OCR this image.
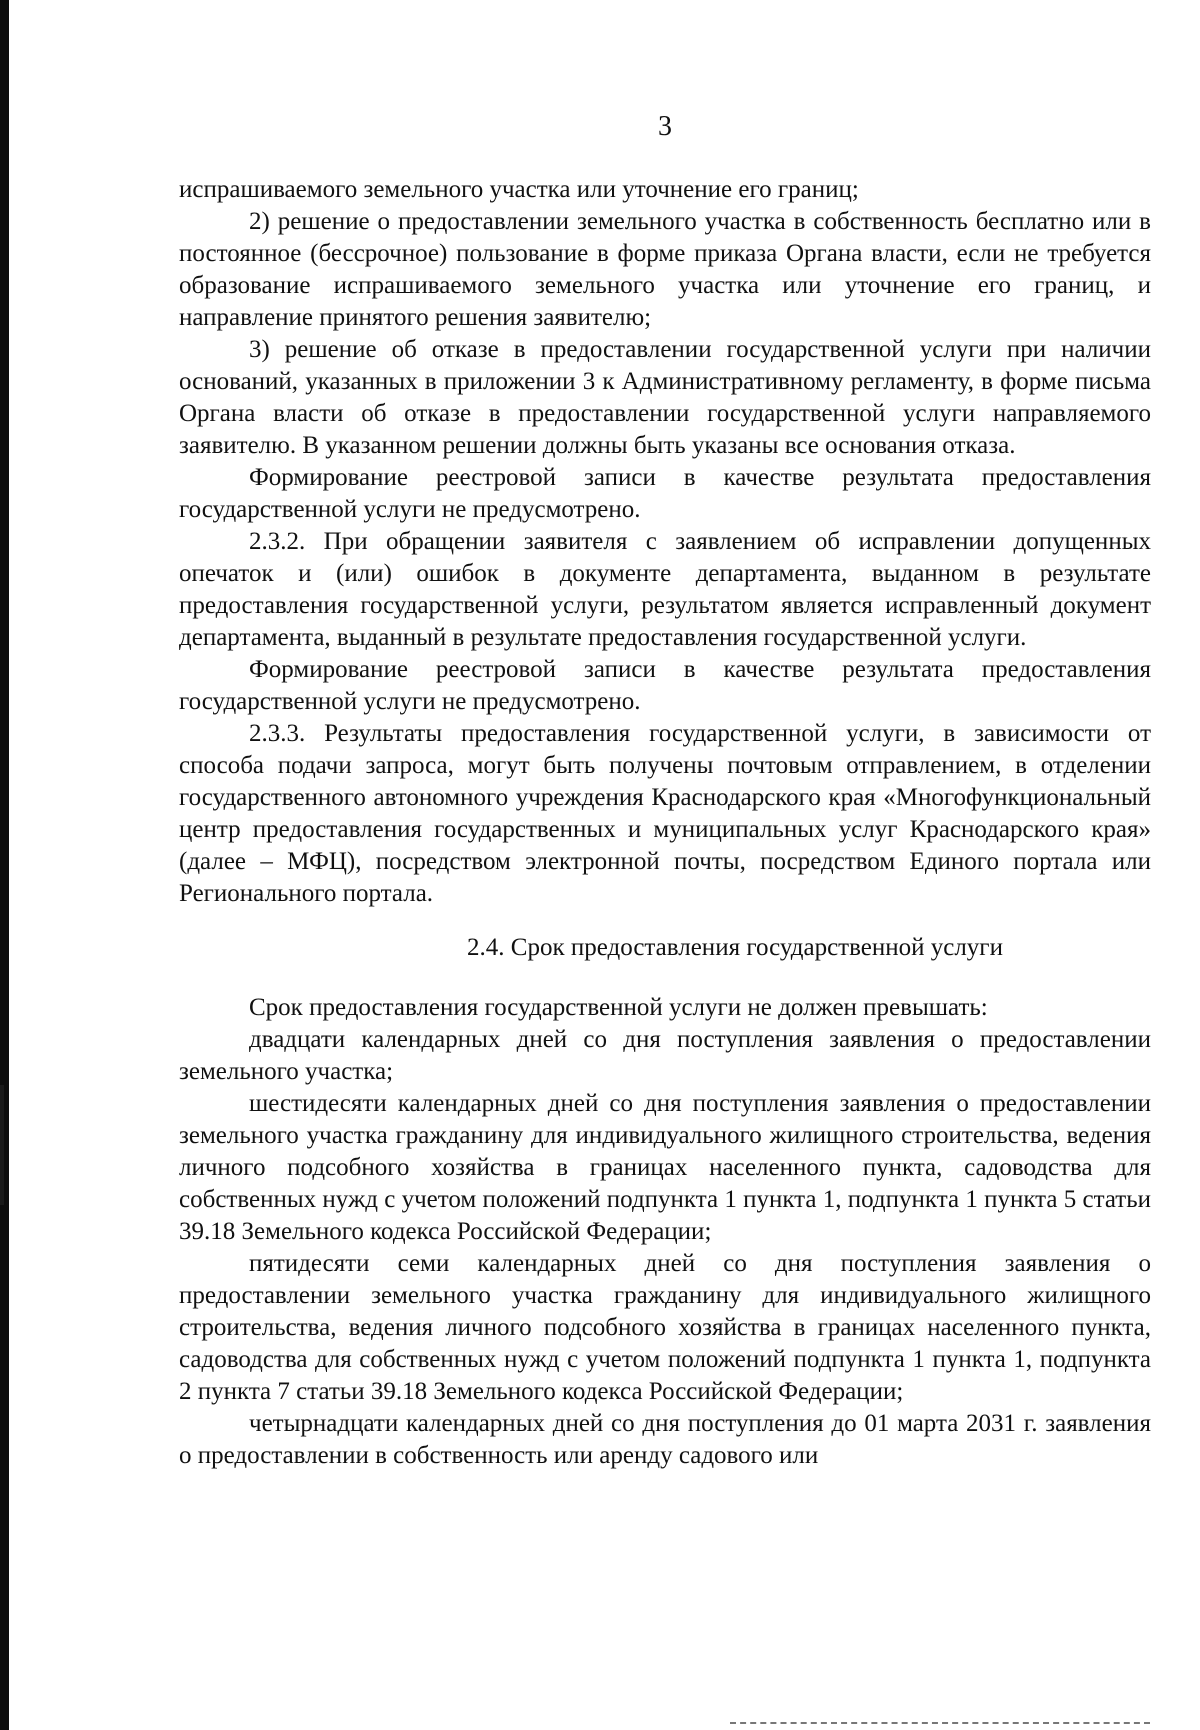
3

испрашиваемого земельного участка или уточнение его границ;

2) решение о предоставлении земельного участка в собственность бесплатно или в постоянное (бессрочное) пользование в форме приказа Органа власти, если не требуется образование испрашиваемого земельного участка или уточнение его границ, и направление принятого решения заявителю;

3) решение об отказе в предоставлении государственной услуги при наличии оснований, указанных в приложении 3 к Административному регламенту, в форме письма Органа власти об отказе в предоставлении государственной услуги направляемого заявителю. В указанном решении должны быть указаны все основания отказа.

Формирование реестровой записи в качестве результата предоставления государственной услуги не предусмотрено.

2.3.2. При обращении заявителя с заявлением об исправлении допущенных опечаток и (или) ошибок в документе департамента, выданном в результате предоставления государственной услуги, результатом является исправленный документ департамента, выданный в результате предоставления государственной услуги.

Формирование реестровой записи в качестве результата предоставления государственной услуги не предусмотрено.

2.3.3. Результаты предоставления государственной услуги, в зависимости от способа подачи запроса, могут быть получены почтовым отправлением, в отделении государственного автономного учреждения Краснодарского края «Многофункциональный центр предоставления государственных и муниципальных услуг Краснодарского края» (далее – МФЦ), посредством электронной почты, посредством Единого портала или Регионального портала.

2.4. Срок предоставления государственной услуги

Срок предоставления государственной услуги не должен превышать:

двадцати календарных дней со дня поступления заявления о предоставлении земельного участка;

шестидесяти календарных дней со дня поступления заявления о предоставлении земельного участка гражданину для индивидуального жилищного строительства, ведения личного подсобного хозяйства в границах населенного пункта, садоводства для собственных нужд с учетом положений подпункта 1 пункта 1, подпункта 1 пункта 5 статьи 39.18 Земельного кодекса Российской Федерации;

пятидесяти семи календарных дней со дня поступления заявления о предоставлении земельного участка гражданину для индивидуального жилищного строительства, ведения личного подсобного хозяйства в границах населенного пункта, садоводства для собственных нужд с учетом положений подпункта 1 пункта 1, подпункта 2 пункта 7 статьи 39.18 Земельного кодекса Российской Федерации;

четырнадцати календарных дней со дня поступления до 01 марта 2031 г. заявления о предоставлении в собственность или аренду садового или
